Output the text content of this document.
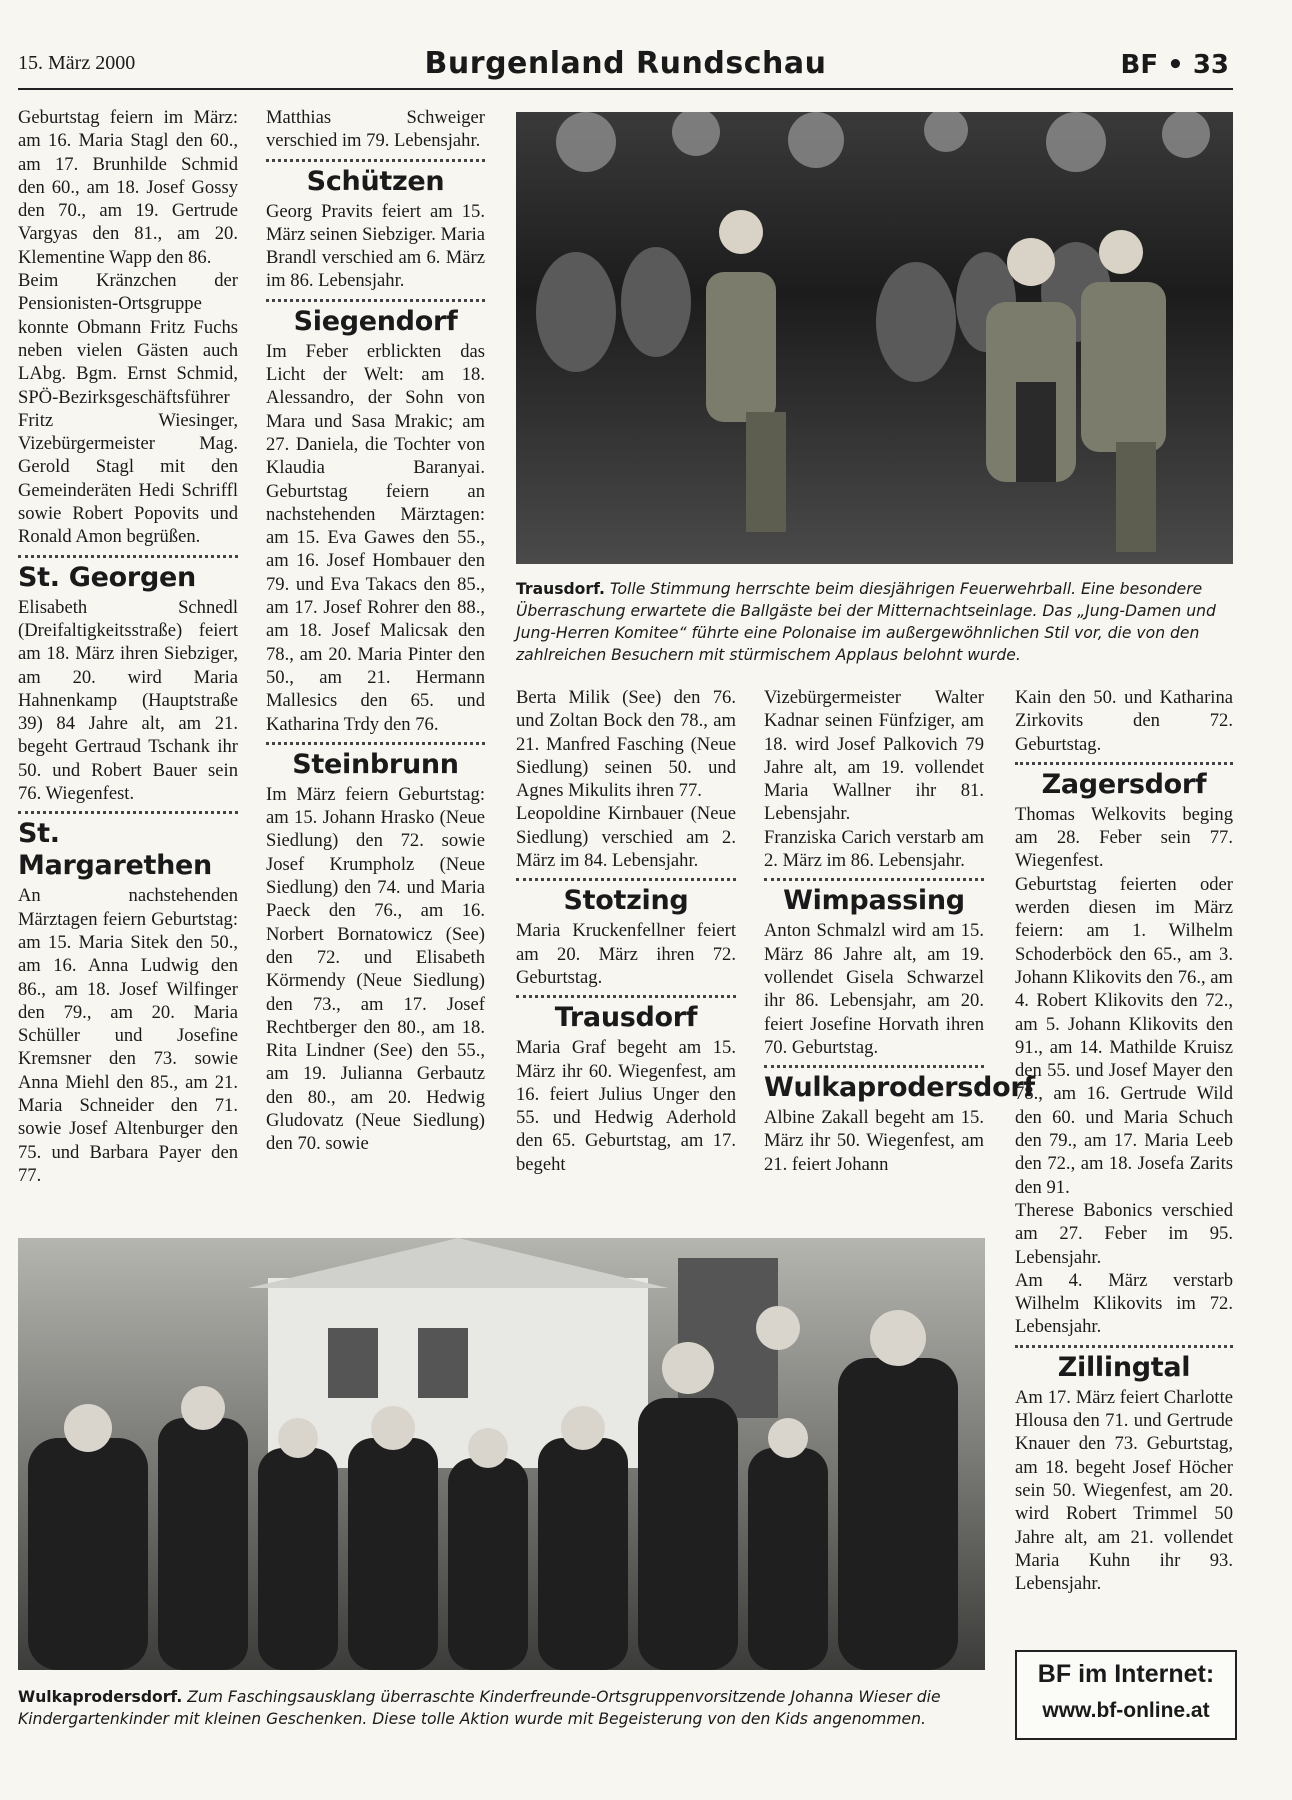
15. März 2000	Burgenland Rundschau	BF • 33

Geburtstag feiern im März: am 16. Maria Stagl den 60., am 17. Brunhilde Schmid den 60., am 18. Josef Gossy den 70., am 19. Gertrude Vargyas den 81., am 20. Klementine Wapp den 86.

Beim Kränzchen der Pensionisten-Ortsgruppe konnte Obmann Fritz Fuchs neben vielen Gästen auch LAbg. Bgm. Ernst Schmid, SPÖ-Bezirksgeschäftsführer Fritz Wiesinger, Vizebürgermeister Mag. Gerold Stagl mit den Gemeinderäten Hedi Schriffl sowie Robert Popovits und Ronald Amon begrüßen.

St. Georgen

Elisabeth Schnedl (Dreifaltigkeitsstraße) feiert am 18. März ihren Siebziger, am 20. wird Maria Hahnenkamp (Hauptstraße 39) 84 Jahre alt, am 21. begeht Gertraud Tschank ihr 50. und Robert Bauer sein 76. Wiegenfest.

St. Margarethen

An nachstehenden Märztagen feiern Geburtstag: am 15. Maria Sitek den 50., am 16. Anna Ludwig den 86., am 18. Josef Wilfinger den 79., am 20. Maria Schüller und Josefine Kremsner den 73. sowie Anna Miehl den 85., am 21. Maria Schneider den 71. sowie Josef Altenburger den 75. und Barbara Payer den 77.

Matthias Schweiger verschied im 79. Lebensjahr.

Schützen

Georg Pravits feiert am 15. März seinen Siebziger. Maria Brandl verschied am 6. März im 86. Lebensjahr.

Siegendorf

Im Feber erblickten das Licht der Welt: am 18. Alessandro, der Sohn von Mara und Sasa Mrakic; am 27. Daniela, die Tochter von Klaudia Baranyai. Geburtstag feiern an nachstehenden Märztagen: am 15. Eva Gawes den 55., am 16. Josef Hombauer den 79. und Eva Takacs den 85., am 17. Josef Rohrer den 88., am 18. Josef Malicsak den 78., am 20. Maria Pinter den 50., am 21. Hermann Mallesics den 65. und Katharina Trdy den 76.

Steinbrunn

Im März feiern Geburtstag: am 15. Johann Hrasko (Neue Siedlung) den 72. sowie Josef Krumpholz (Neue Siedlung) den 74. und Maria Paeck den 76., am 16. Norbert Bornatowicz (See) den 72. und Elisabeth Körmendy (Neue Siedlung) den 73., am 17. Josef Rechtberger den 80., am 18. Rita Lindner (See) den 55., am 19. Julianna Gerbautz den 80., am 20. Hedwig Gludovatz (Neue Siedlung) den 70. sowie

Trausdorf. Tolle Stimmung herrschte beim diesjährigen Feuerwehrball. Eine besondere Überraschung erwartete die Ballgäste bei der Mitternachtseinlage. Das „Jung-Damen und Jung-Herren Komitee“ führte eine Polonaise im außergewöhnlichen Stil vor, die von den zahlreichen Besuchern mit stürmischem Applaus belohnt wurde.

Berta Milik (See) den 76. und Zoltan Bock den 78., am 21. Manfred Fasching (Neue Siedlung) seinen 50. und Agnes Mikulits ihren 77.

Leopoldine Kirnbauer (Neue Siedlung) verschied am 2. März im 84. Lebensjahr.

Stotzing

Maria Kruckenfellner feiert am 20. März ihren 72. Geburtstag.

Trausdorf

Maria Graf begeht am 15. März ihr 60. Wiegenfest, am 16. feiert Julius Unger den 55. und Hedwig Aderhold den 65. Geburtstag, am 17. begeht

Vizebürgermeister Walter Kadnar seinen Fünfziger, am 18. wird Josef Palkovich 79 Jahre alt, am 19. vollendet Maria Wallner ihr 81. Lebensjahr.

Franziska Carich verstarb am 2. März im 86. Lebensjahr.

Wimpassing

Anton Schmalzl wird am 15. März 86 Jahre alt, am 19. vollendet Gisela Schwarzel ihr 86. Lebensjahr, am 20. feiert Josefine Horvath ihren 70. Geburtstag.

Wulkaprodersdorf

Albine Zakall begeht am 15. März ihr 50. Wiegenfest, am 21. feiert Johann

Kain den 50. und Katharina Zirkovits den 72. Geburtstag.

Zagersdorf

Thomas Welkovits beging am 28. Feber sein 77. Wiegenfest.

Geburtstag feierten oder werden diesen im März feiern: am 1. Wilhelm Schoderböck den 65., am 3. Johann Klikovits den 76., am 4. Robert Klikovits den 72., am 5. Johann Klikovits den 91., am 14. Mathilde Kruisz den 55. und Josef Mayer den 78., am 16. Gertrude Wild den 60. und Maria Schuch den 79., am 17. Maria Leeb den 72., am 18. Josefa Zarits den 91.

Therese Babonics verschied am 27. Feber im 95. Lebensjahr.

Am 4. März verstarb Wilhelm Klikovits im 72. Lebensjahr.

Zillingtal

Am 17. März feiert Charlotte Hlousa den 71. und Gertrude Knauer den 73. Geburtstag, am 18. begeht Josef Höcher sein 50. Wiegenfest, am 20. wird Robert Trimmel 50 Jahre alt, am 21. vollendet Maria Kuhn ihr 93. Lebensjahr.

Wulkaprodersdorf. Zum Faschingsausklang überraschte Kinderfreunde-Ortsgruppenvorsitzende Johanna Wieser die Kindergartenkinder mit kleinen Geschenken. Diese tolle Aktion wurde mit Begeisterung von den Kids angenommen.
BF im Internet:
www.bf-online.at
